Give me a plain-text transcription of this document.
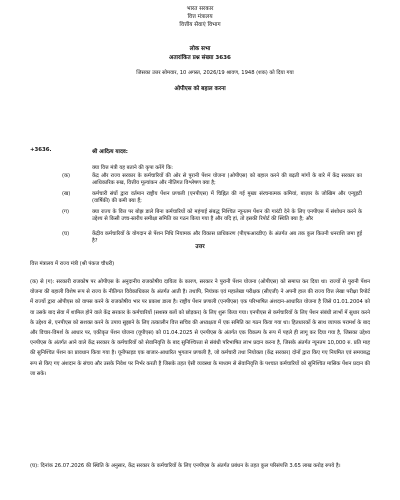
भारत सरकार
वित्त मंत्रालय
वित्तीय सेवाएं विभाग
लोक सभा
अतारांकित प्रश्न संख्या 3636
जिसका उत्तर सोमवार, 10 अगस्त, 2026/19 श्रावण, 1948 (शक) को दिया गया
ओपीएस को बहाल करना
+3636.	श्री आदित्य यादव:
क्या वित्त मंत्री यह बताने की कृपा करेंगे कि:
(क)	केंद्र और राज्य सरकार के कर्मचारियों की ओर से पुरानी पेंशन योजना (ओपीएस) को बहाल करने की बढ़ती मांगों के बारे में केंद्र सरकार का आधिकारिक रुख, वित्तीय मूल्यांकन और नीतिगत विश्लेषण क्या है;
(ख)	कर्मचारी संघों द्वारा वर्तमान राष्ट्रीय पेंशन प्रणाली (एनपीएस) में चिह्नित की गई मुख्य संरचनात्मक कमियां, बाज़ार के जोखिम और एन्युइटी (वार्षिकी) की कमी क्या हैं;
(ग)	क्या राज्य के वित्त पर बोझ डाले बिना कर्मचारियों को महंगाई संबद्ध निश्चित न्यूनतम पेंशन की गारंटी देने के लिए एनपीएस में संशोधन करने के उद्देश्य से किसी उच्च-स्तरीय समीक्षा समिति का गठन किया गया है और यदि हां, तो इसकी रिपोर्ट की स्थिति क्या है; और
(घ)	केंद्रीय कर्मचारियों के योगदान से पेंशन निधि नियामक और विकास प्राधिकरण (पीएफआरडीए) के अंतर्गत अब तक कुल कितनी धनराशि जमा हुई है?
उत्तर
वित्त मंत्रालय में राज्य मंत्री (श्री पंकज चौधरी)
(क) से (ग): सरकारी राजकोष पर ओपीएस के अनुदानीय राजकोषीय दायित्व के कारण, सरकार ने पुरानी पेंशन योजना (ओपीएस) को समाप्त कर दिया था। राज्यों से पुरानी पेंशन योजना की बहाली विशेष रूप से राज्य के नीतिगत विवेकाधिकार के अंतर्गत आती है। तथापि, नियंत्रक एवं महालेखा परीक्षक (सीएजी) ने अपनी हाल की राज्य वित्त लेखा परीक्षा रिपोर्ट में राज्यों द्वारा ओपीएस को वापस करने के राजकोषीय भार पर प्रकाश डाला है। राष्ट्रीय पेंशन प्रणाली (एनपीएस) एक परिभाषित अंशदान-आधारित योजना है जिसे 01.01.2004 को या उसके बाद सेवा में शामिल होने वाले केंद्र सरकार के कर्मचारियों (सशस्त्र बलों को छोड़कर) के लिए शुरू किया गया। एनपीएस से कर्मचारियों के लिए पेंशन संबंधी लाभों में सुधार करने के उद्देश्य से, एनपीएस को सशक्त करने के उपाय सुझाने के लिए तत्कालीन वित्त सचिव की अध्यक्षता में एक समिति का गठन किया गया था। हितधारकों के साथ व्यापक परामर्श के बाद और विचार-विमर्श के आधार पर, एकीकृत पेंशन योजना (यूपीएस) को 01.04.2025 से एनपीएस के अंतर्गत एक विकल्प के रूप में पहले ही लागू कर दिया गया है, जिसका उद्देश्य एनपीएस के अंतर्गत आने वाले केंद्र सरकार के कर्मचारियों को सेवानिवृत्ति के बाद सुनिश्चित्त्ता से संबंधी परिभाषित लाभ प्रदान करना है, जिसके अंतर्गत न्यूनतम 10,000 रु. प्रति माह की सुनिश्चित पेंशन का प्रावधान किया गया है। यूनीफाइड एक बाजार-आधारित भुगतान प्रणाली है, जो कर्मचारी तथा नियोक्ता (केंद्र सरकार) दोनों द्वारा किए गए नियमित एवं समयबद्ध रूप से किए गए अंशदान के संचय और उसके निवेश पर निर्भर करती है जिसके तहत ऐसी व्यवस्था के माध्यम से सेवानिवृत्ति के पश्चात कर्मचारियों को सुनिश्चित मासिक पेंशन प्रदान की जा सके।
(घ): दिनांक 26.07.2026 की स्थिति के अनुसार, केंद्र सरकार के कर्मचारियों के लिए एनपीएस के अंतर्गत प्रबंधन के तहत कुल परिसंपत्ति 3.65 लाख करोड़ रुपये है।
